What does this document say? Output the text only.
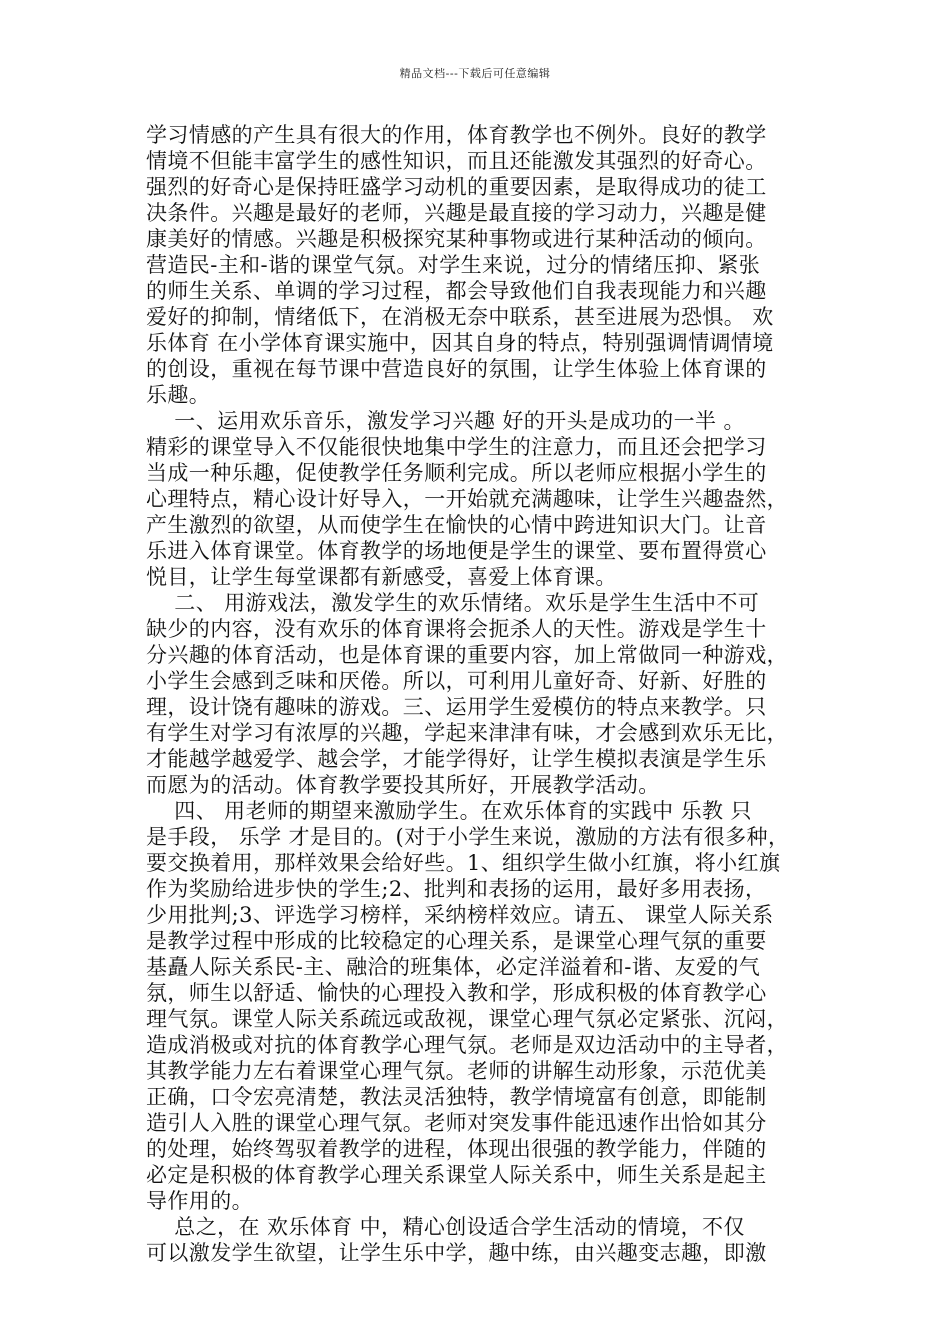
精品文档---下载后可任意编辑
学习情感的产生具有很大的作用，体育教学也不例外。良好的教学
情境不但能丰富学生的感性知识，而且还能激发其强烈的好奇心。
强烈的好奇心是保持旺盛学习动机的重要因素，是取得成功的徒工
决条件。兴趣是最好的老师，兴趣是最直接的学习动力，兴趣是健
康美好的情感。兴趣是积极探究某种事物或进行某种活动的倾向。
营造民-主和-谐的课堂气氛。对学生来说，过分的情绪压抑、紧张
的师生关系、单调的学习过程，都会导致他们自我表现能力和兴趣
爱好的抑制，情绪低下，在消极无奈中联系，甚至进展为恐惧。 欢
乐体育 在小学体育课实施中，因其自身的特点，特别强调情调情境
的创设，重视在每节课中营造良好的氛围，让学生体验上体育课的
乐趣。
一、运用欢乐音乐，激发学习兴趣 好的开头是成功的一半 。
精彩的课堂导入不仅能很快地集中学生的注意力，而且还会把学习
当成一种乐趣，促使教学任务顺利完成。所以老师应根据小学生的
心理特点，精心设计好导入，一开始就充满趣味，让学生兴趣盎然，
产生激烈的欲望，从而使学生在愉快的心情中跨进知识大门。让音
乐进入体育课堂。体育教学的场地便是学生的课堂、要布置得赏心
悦目，让学生每堂课都有新感受，喜爱上体育课。
二、 用游戏法，激发学生的欢乐情绪。欢乐是学生生活中不可
缺少的内容，没有欢乐的体育课将会扼杀人的天性。游戏是学生十
分兴趣的体育活动，也是体育课的重要内容，加上常做同一种游戏，
小学生会感到乏味和厌倦。所以，可利用儿童好奇、好新、好胜的
理，设计饶有趣味的游戏。三、运用学生爱模仿的特点来教学。只
有学生对学习有浓厚的兴趣，学起来津津有味，才会感到欢乐无比，
才能越学越爱学、越会学，才能学得好，让学生模拟表演是学生乐
而愿为的活动。体育教学要投其所好，开展教学活动。
四、 用老师的期望来激励学生。在欢乐体育的实践中 乐教 只
是手段， 乐学 才是目的。(对于小学生来说，激励的方法有很多种，
要交换着用，那样效果会给好些。1、组织学生做小红旗，将小红旗
作为奖励给进步快的学生;2、批判和表扬的运用，最好多用表扬，
少用批判;3、评选学习榜样，采纳榜样效应。请五、 课堂人际关系
是教学过程中形成的比较稳定的心理关系，是课堂心理气氛的重要
基矗人际关系民-主、融洽的班集体，必定洋溢着和-谐、友爱的气
氛，师生以舒适、愉快的心理投入教和学，形成积极的体育教学心
理气氛。课堂人际关系疏远或敌视，课堂心理气氛必定紧张、沉闷，
造成消极或对抗的体育教学心理气氛。老师是双边活动中的主导者，
其教学能力左右着课堂心理气氛。老师的讲解生动形象，示范优美
正确，口令宏亮清楚，教法灵活独特，教学情境富有创意，即能制
造引人入胜的课堂心理气氛。老师对突发事件能迅速作出恰如其分
的处理，始终驾驭着教学的进程，体现出很强的教学能力，伴随的
必定是积极的体育教学心理关系课堂人际关系中，师生关系是起主
导作用的。
总之，在 欢乐体育 中，精心创设适合学生活动的情境，不仅
可以激发学生欲望，让学生乐中学，趣中练，由兴趣变志趣，即激
